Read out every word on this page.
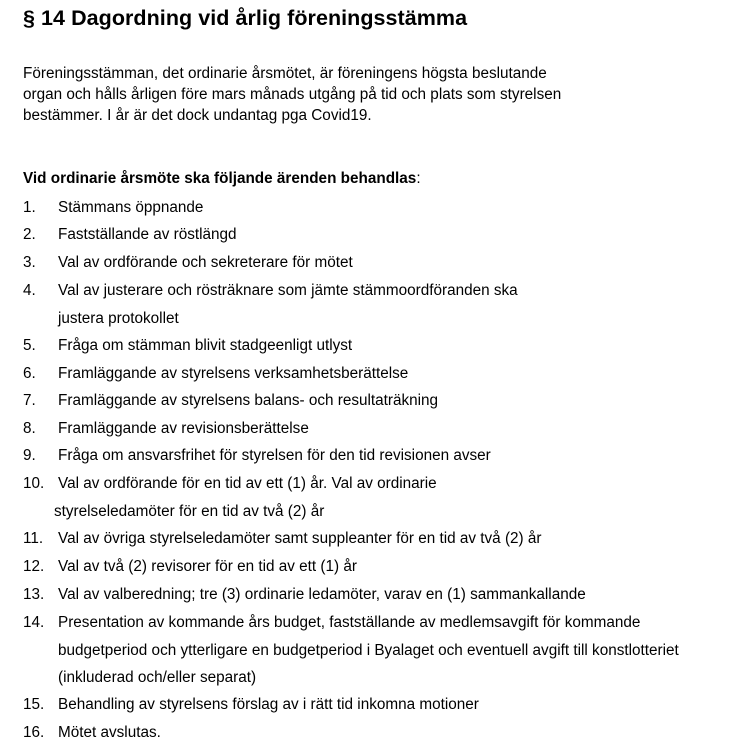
§ 14 Dagordning vid årlig föreningsstämma
Föreningsstämman, det ordinarie årsmötet, är föreningens högsta beslutande
organ och hålls årligen före mars månads utgång på tid och plats som styrelsen
bestämmer. I år är det dock undantag pga Covid19.
Vid ordinarie årsmöte ska följande ärenden behandlas:
1. Stämmans öppnande
2. Fastställande av röstlängd
3. Val av ordförande och sekreterare för mötet
4. Val av justerare och rösträknare som jämte stämmoordföranden ska
justera protokollet
5. Fråga om stämman blivit stadgeenligt utlyst
6. Framläggande av styrelsens verksamhetsberättelse
7. Framläggande av styrelsens balans- och resultaträkning
8. Framläggande av revisionsberättelse
9. Fråga om ansvarsfrihet för styrelsen för den tid revisionen avser
10. Val av ordförande för en tid av ett (1) år. Val av ordinarie
styrelseledamöter för en tid av två (2) år
11. Val av övriga styrelseledamöter samt suppleanter för en tid av två (2) år
12. Val av två (2) revisorer för en tid av ett (1) år
13. Val av valberedning; tre (3) ordinarie ledamöter, varav en (1) sammankallande
14. Presentation av kommande års budget, fastställande av medlemsavgift för kommande
budgetperiod och ytterligare en budgetperiod i Byalaget och eventuell avgift till konstlotteriet
(inkluderad och/eller separat)
15. Behandling av styrelsens förslag av i rätt tid inkomna motioner
16. Mötet avslutas.
